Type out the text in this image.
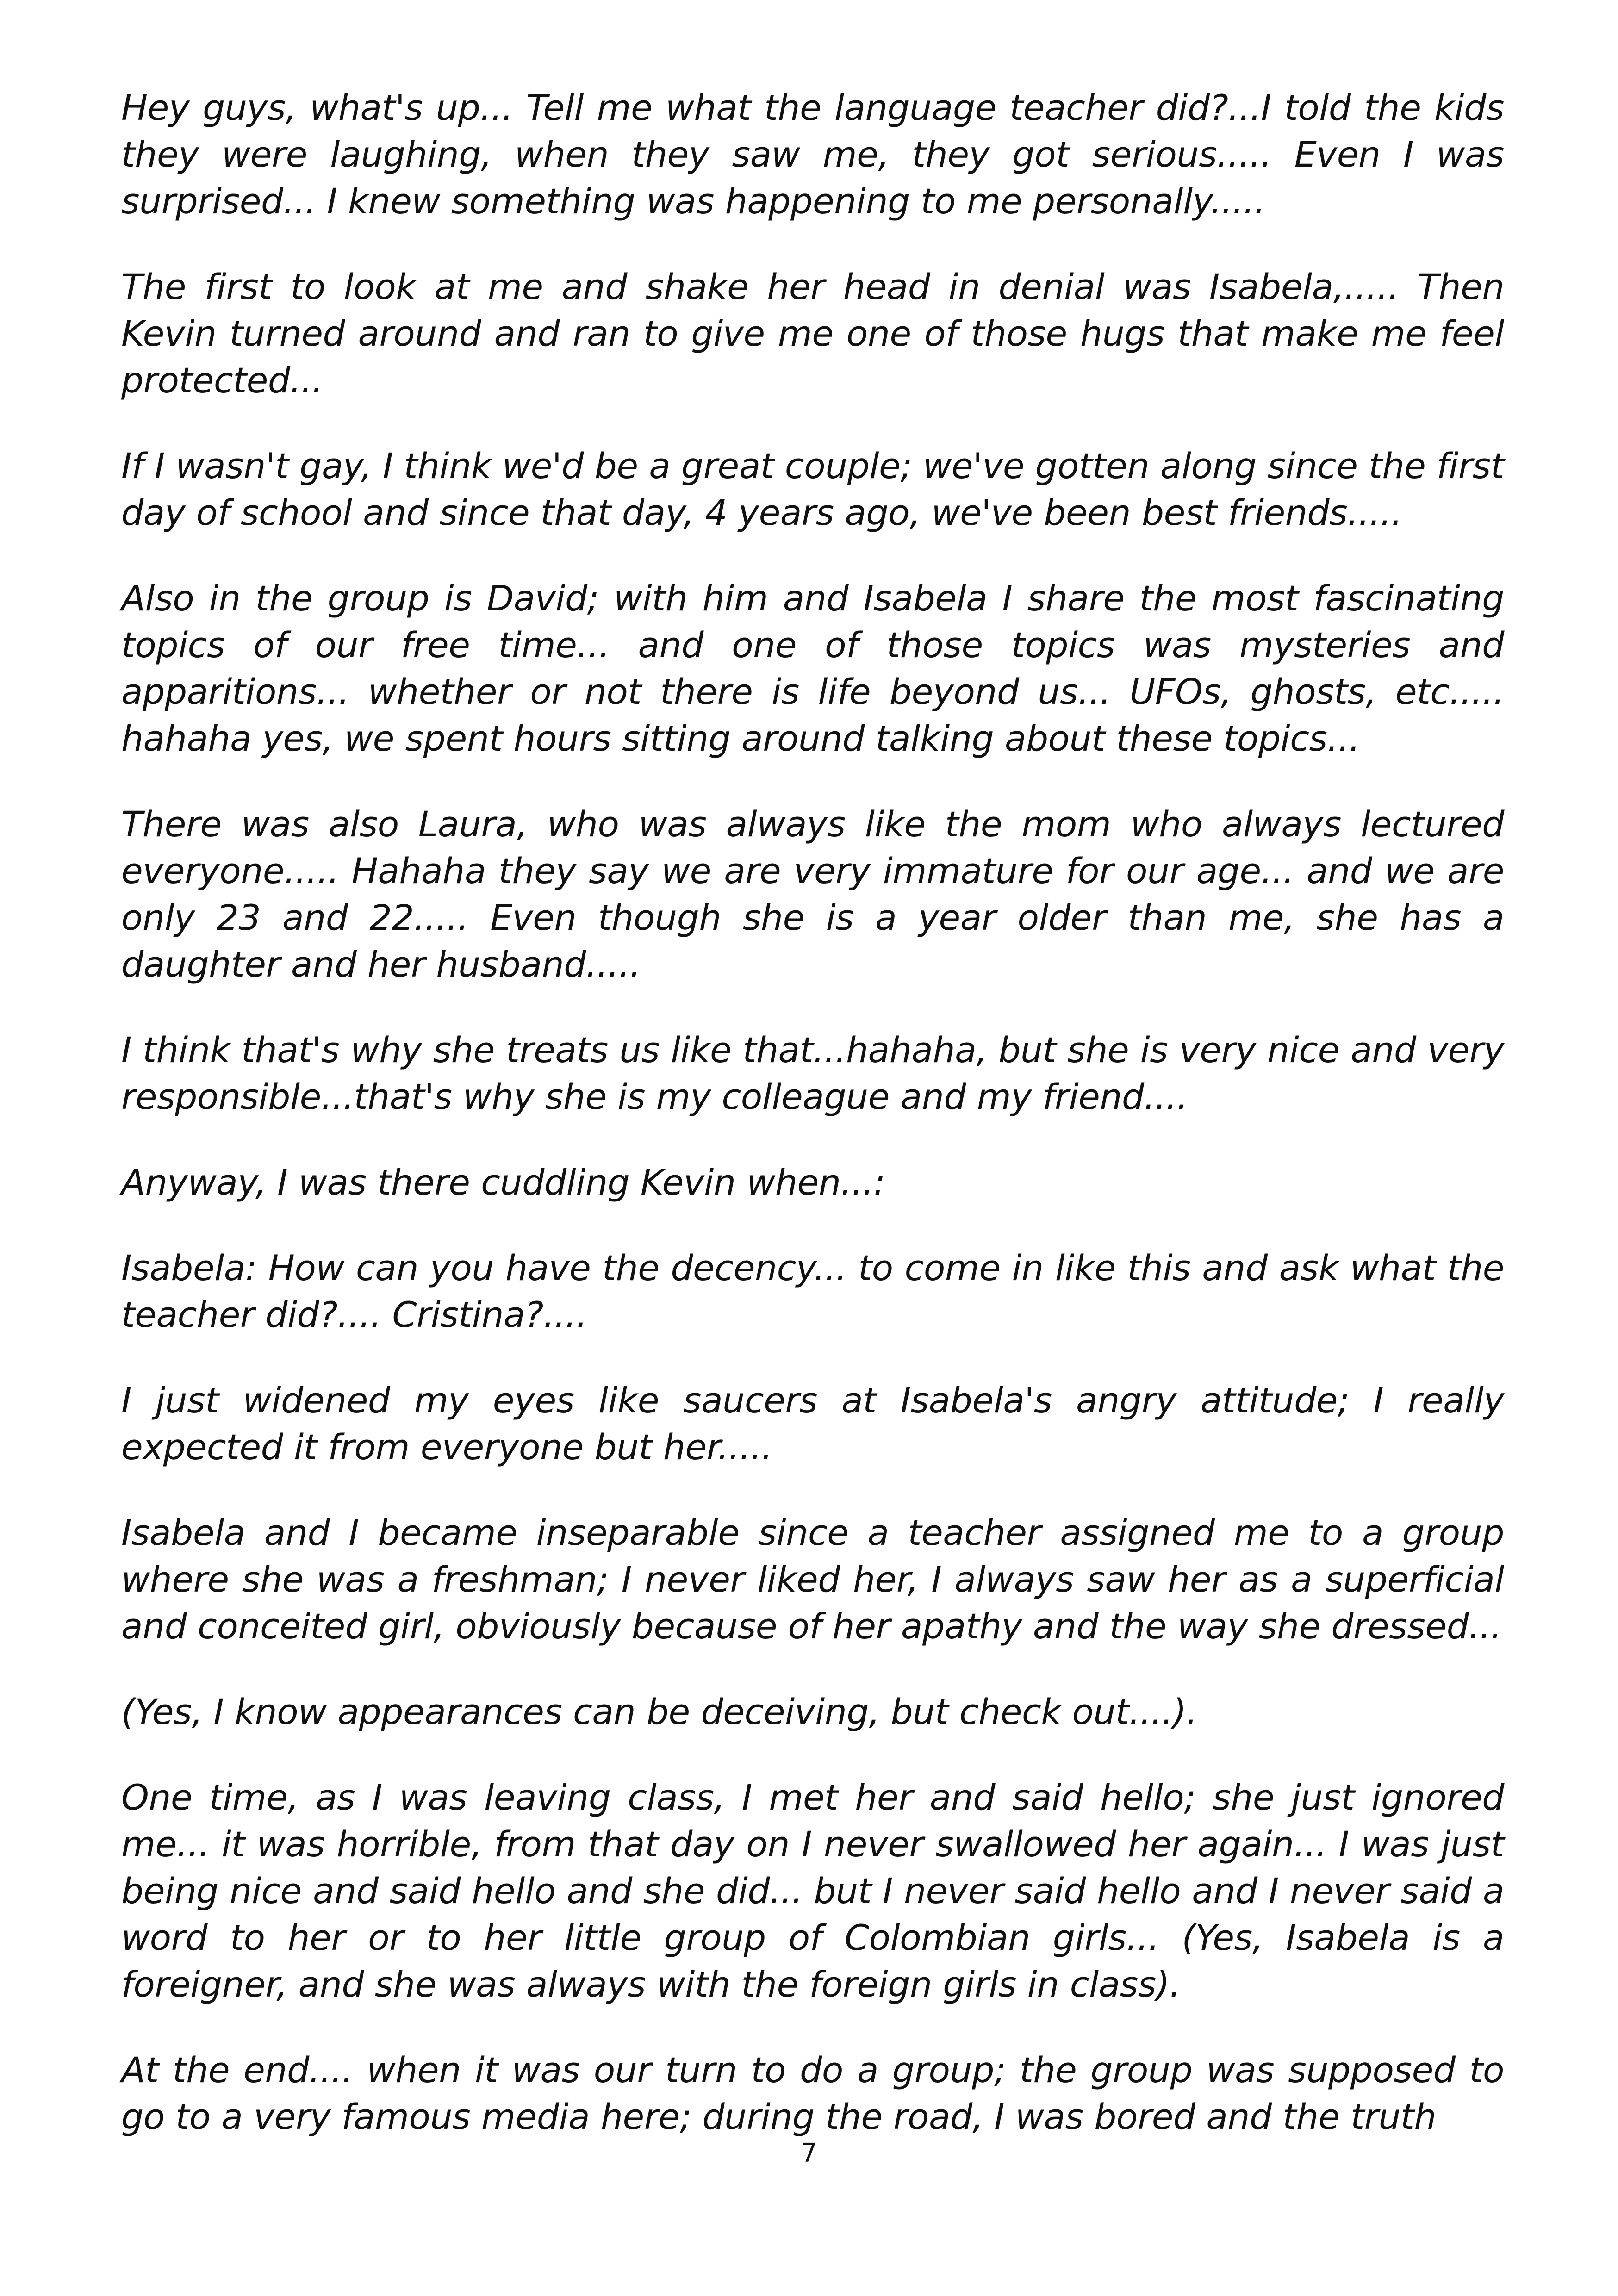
Hey guys, what's up... Tell me what the language teacher did?...I told the kids they were laughing, when they saw me, they got serious..... Even I was surprised... I knew something was happening to me personally.....

The first to look at me and shake her head in denial was Isabela,..... Then Kevin turned around and ran to give me one of those hugs that make me feel protected...

If I wasn't gay, I think we'd be a great couple; we've gotten along since the first day of school and since that day, 4 years ago, we've been best friends.....

Also in the group is David; with him and Isabela I share the most fascinating topics of our free time... and one of those topics was mysteries and apparitions... whether or not there is life beyond us... UFOs, ghosts, etc..... hahaha yes, we spent hours sitting around talking about these topics...

There was also Laura, who was always like the mom who always lectured everyone..... Hahaha they say we are very immature for our age... and we are only 23 and 22..... Even though she is a year older than me, she has a daughter and her husband.....

I think that's why she treats us like that...hahaha, but she is very nice and very responsible...that's why she is my colleague and my friend....

Anyway, I was there cuddling Kevin when...:

Isabela: How can you have the decency... to come in like this and ask what the teacher did?.... Cristina?....

I just widened my eyes like saucers at Isabela's angry attitude; I really expected it from everyone but her.....

Isabela and I became inseparable since a teacher assigned me to a group where she was a freshman; I never liked her, I always saw her as a superficial and conceited girl, obviously because of her apathy and the way she dressed...

(Yes, I know appearances can be deceiving, but check out....).

One time, as I was leaving class, I met her and said hello; she just ignored me... it was horrible, from that day on I never swallowed her again... I was just being nice and said hello and she did... but I never said hello and I never said a word to her or to her little group of Colombian girls... (Yes, Isabela is a foreigner, and she was always with the foreign girls in class).

At the end.... when it was our turn to do a group; the group was supposed to go to a very famous media here; during the road, I was bored and the truth

7
